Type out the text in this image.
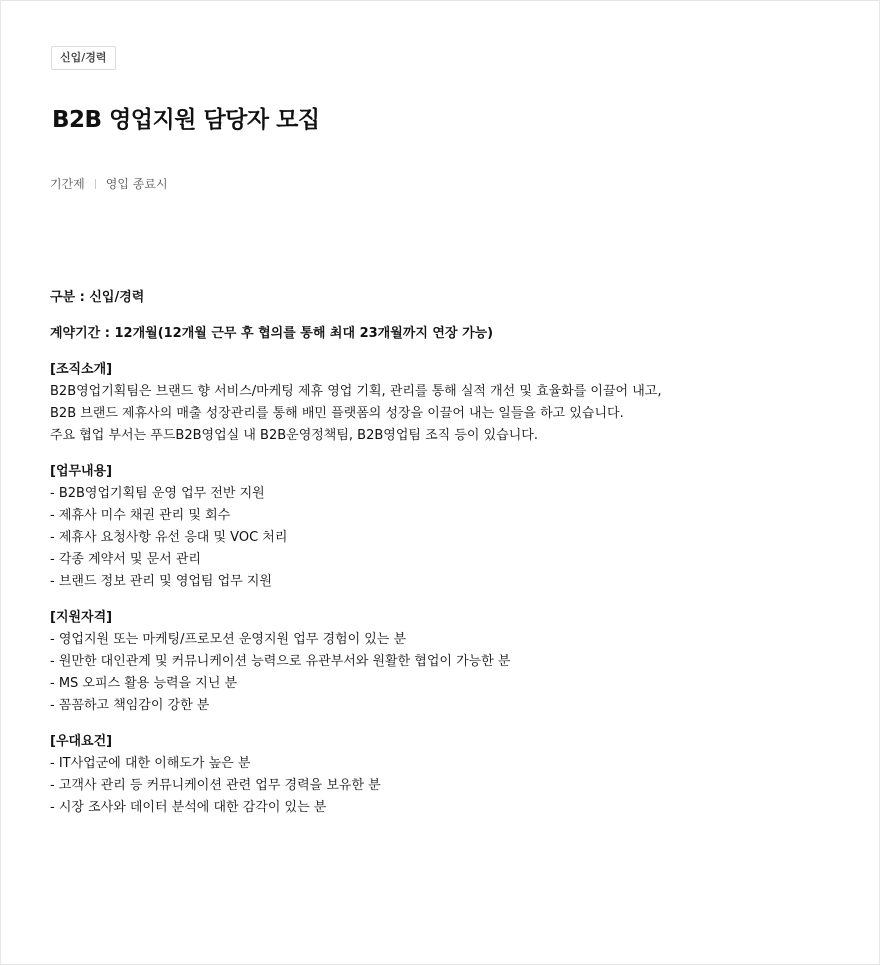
신입/경력
B2B 영업지원 담당자 모집
기간제 영입 종료시
구분 : 신입/경력
계약기간 : 12개월(12개월 근무 후 협의를 통해 최대 23개월까지 연장 가능)
[조직소개]
B2B영업기획팀은 브랜드 향 서비스/마케팅 제휴 영업 기획, 관리를 통해 실적 개선 및 효율화를 이끌어 내고,
B2B 브랜드 제휴사의 매출 성장관리를 통해 배민 플랫폼의 성장을 이끌어 내는 일들을 하고 있습니다.
주요 협업 부서는 푸드B2B영업실 내 B2B운영정책팀, B2B영업팀 조직 등이 있습니다.
[업무내용]
- B2B영업기획팀 운영 업무 전반 지원
- 제휴사 미수 채권 관리 및 회수
- 제휴사 요청사항 유선 응대 및 VOC 처리
- 각종 계약서 및 문서 관리
- 브랜드 정보 관리 및 영업팀 업무 지원
[지원자격]
- 영업지원 또는 마케팅/프로모션 운영지원 업무 경험이 있는 분
- 원만한 대인관계 및 커뮤니케이션 능력으로 유관부서와 원활한 협업이 가능한 분
- MS 오피스 활용 능력을 지닌 분
- 꼼꼼하고 책임감이 강한 분
[우대요건]
- IT사업군에 대한 이해도가 높은 분
- 고객사 관리 등 커뮤니케이션 관련 업무 경력을 보유한 분
- 시장 조사와 데이터 분석에 대한 감각이 있는 분
